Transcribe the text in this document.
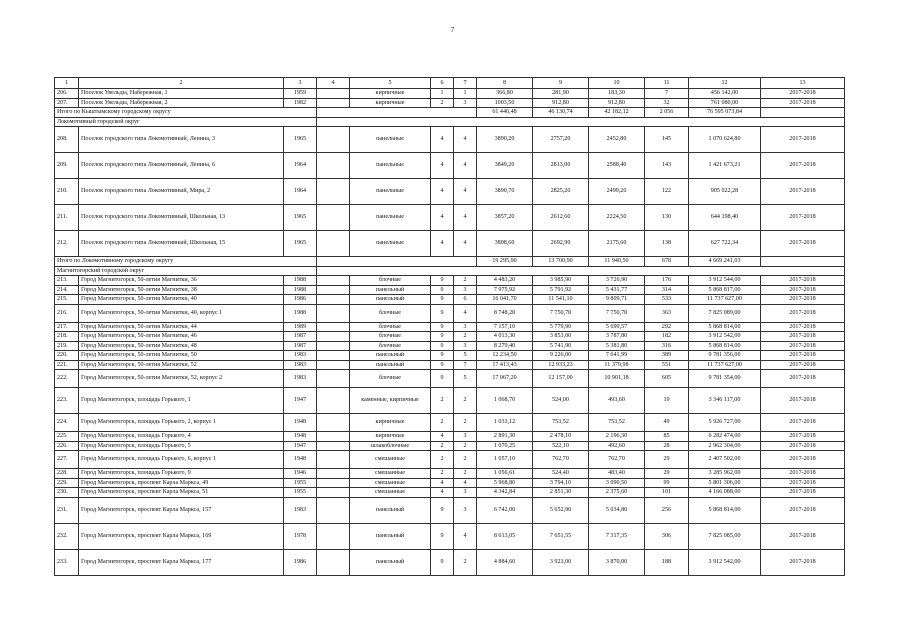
7
1	2	3	4	5	6	7	8	9	10	11	12	13
206.	Поселок Увельды, Набережная, 1	1959		кирпичные	1	1	366,80	281,90	183,30	7	456 142,00	2017-2018
207.	Поселок Увельды, Набережная, 2	1982		кирпичные	2	3	1003,50	912,80	912,80	32	761 080,00	2017-2018
Итого по Кыштымскому городскому округу							61 446,48	46 130,74	42 182,12	2 056	76 595 073,84	
Локомотивный городской округ												
208.	Поселок городского типа Локомотивный, Ленина, 3	1965		панельные	4	4	3890,20	2757,20	2452,80	145	1 070 624,80	2017-2018
209.	Поселок городского типа Локомотивный, Ленина, 6	1964		панельные	4	4	3849,20	2813,00	2588,40	143	1 421 673,21	2017-2018
210.	Поселок городского типа Локомотивный, Мира, 2	1964		панельные	4	4	3890,70	2825,20	2499,20	122	905 022,28	2017-2018
211.	Поселок городского типа Локомотивный, Школьная, 13	1965		панельные	4	4	3857,20	2612,60	2224,50	130	644 198,40	2017-2018
212.	Поселок городского типа Локомотивный, Школьная, 15	1965		панельные	4	4	3808,60	2692,90	2175,60	138	627 722,34	2017-2018
Итого по Локомотивному городскому округу							19 295,90	13 700,90	11 940,50	678	4 669 241,03	
Магнитогорский городской округ												
213.	Город Магнитогорск, 50-летия Магнитки, 36	1988		блочные	9	2	4 483,20	3 985,90	3 726,90	176	3 912 544,00	2017-2018
214.	Город Магнитогорск, 50-летия Магнитки, 38	1988		панельный	9	3	7 975,92	5 791,92	5 431,77	314	5 868 817,00	2017-2018
215.	Город Магнитогорск, 50-летия Магнитки, 40	1986		панельный	9	6	16 041,70	11 541,10	9 809,71	533	11 737 627,00	2017-2018
216.	Город Магнитогорск, 50-летия Магнитки, 40, корпус 1	1988		блочные	9	4	8 748,20	7 750,70	7 750,70	363	7 825 089,00	2017-2018
217.	Город Магнитогорск, 50-летия Магнитки, 44	1989		блочные	9	3	7 157,10	5 779,90	5 699,57	292	5 868 814,00	2017-2018
218.	Город Магнитогорск, 50-летия Магнитки, 46	1987		блочные	9	2	4 013,30	3 853,00	3 787,80	182	3 912 542,00	2017-2018
219.	Город Магнитогорск, 50-летия Магнитки, 48	1987		блочные	9	3	8 279,40	5 741,90	5 381,80	316	5 868 814,00	2017-2018
220.	Город Магнитогорск, 50-летия Магнитки, 50	1983		панельный	9	5	12 234,50	9 226,00	7 641,99	389	9 781 356,00	2017-2018
221.	Город Магнитогорск, 50-летия Магнитки, 52	1983		панельный	9	7	17 413,43	12 933,23	11 379,98	551	11 737 627,00	2017-2018
222.	Город Магнитогорск, 50-летия Магнитки, 52, корпус 2	1983		блочные	9	5	17 067,20	12 157,00	10 901,18	605	9 781 354,00	2017-2018
223.	Город Магнитогорск, площадь Горького, 1	1947		каменные, кирпичные	2	2	1 068,70	524,00	493,60	19	3 346 117,00	2017-2018
224.	Город Магнитогорск, площадь Горького, 2, корпус 1	1948		кирпичные	2	2	1 033,12	753,52	753,52	49	5 926 727,00	2017-2018
225.	Город Магнитогорск, площадь Горького, 4	1948		кирпичные	4	3	2 891,30	2 478,10	2 196,30	85	6 282 474,00	2017-2018
226.	Город Магнитогорск, площадь Горького, 5	1947		шлакоблочные	2	2	1 070,25	522,10	492,60	28	2 962 304,00	2017-2018
227.	Город Магнитогорск, площадь Горького, 6, корпус 1	1948		смешанные	2	2	1 057,10	762,70	762,70	29	2 407 502,00	2017-2018
228.	Город Магнитогорск, площадь Горького, 9	1946		смешанные	2	2	1 056,61	524,40	483,40	29	3 285 962,00	2017-2018
229.	Город Магнитогорск, проспект Карла Маркса, 49	1955		смешанные	4	4	5 968,80	3 794,10	3 090,50	99	5 801 306,00	2017-2018
230.	Город Магнитогорск, проспект Карла Маркса, 51	1955		смешанные	4	3	4 342,84	2 851,30	2 375,60	101	4 166 088,00	2017-2018
231.	Город Магнитогорск, проспект Карла Маркса, 157	1983		панельный	9	3	6 742,00	5 652,90	5 034,80	256	5 868 814,00	2017-2018
232.	Город Магнитогорск, проспект Карла Маркса, 169	1978		панельный	9	4	8 613,05	7 651,55	7 317,35	306	7 825 085,00	2017-2018
233.	Город Магнитогорск, проспект Карла Маркса, 177	1986		панельный	9	2	4 884,60	3 923,00	3 870,00	188	3 912 542,00	2017-2018
